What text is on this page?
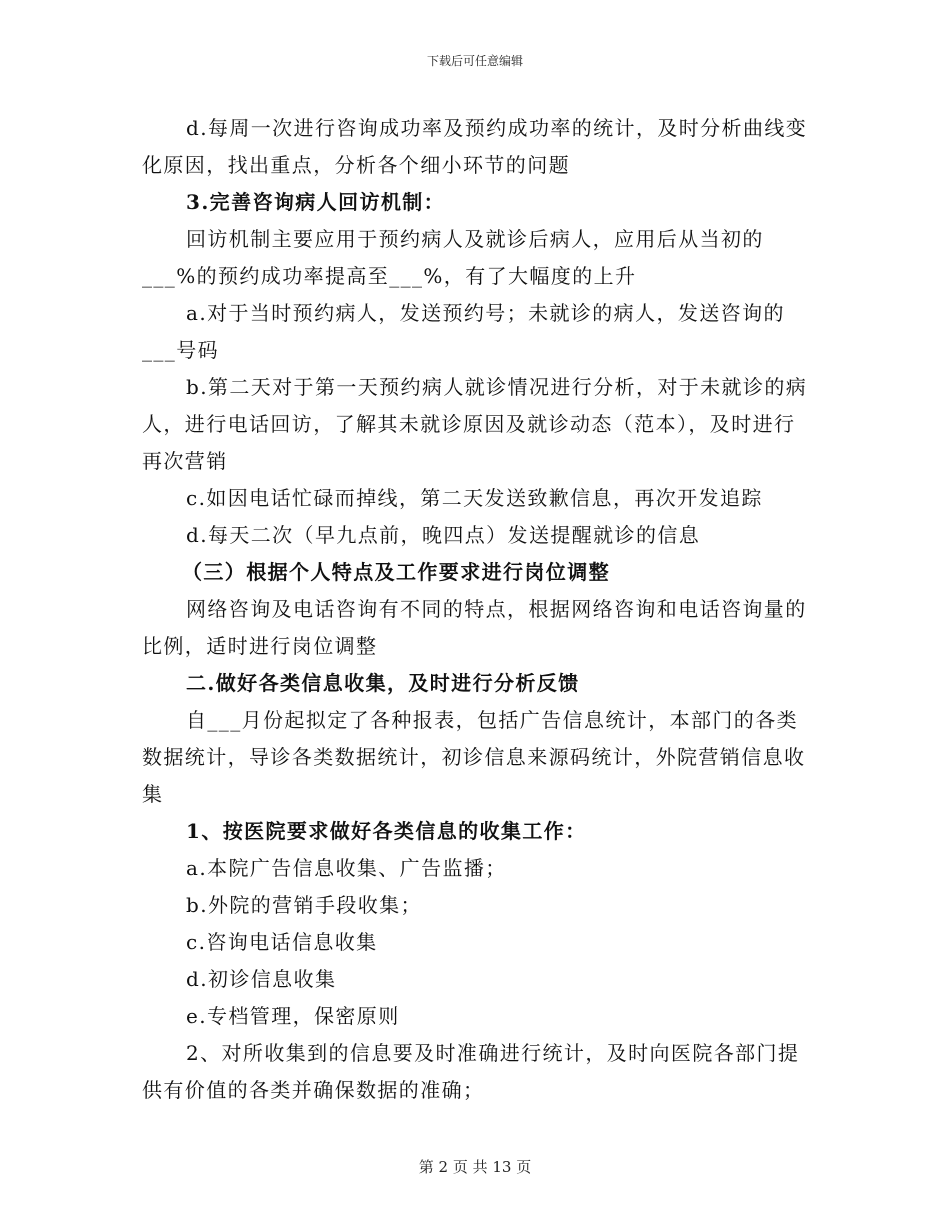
下载后可任意编辑

d.每周一次进行咨询成功率及预约成功率的统计，及时分析曲线变化原因，找出重点，分析各个细小环节的问题

3.完善咨询病人回访机制：

回访机制主要应用于预约病人及就诊后病人，应用后从当初的___%的预约成功率提高至___%，有了大幅度的上升

a.对于当时预约病人，发送预约号；未就诊的病人，发送咨询的___号码

b.第二天对于第一天预约病人就诊情况进行分析，对于未就诊的病人，进行电话回访，了解其未就诊原因及就诊动态（范本），及时进行再次营销

c.如因电话忙碌而掉线，第二天发送致歉信息，再次开发追踪

d.每天二次（早九点前，晚四点）发送提醒就诊的信息

（三）根据个人特点及工作要求进行岗位调整

网络咨询及电话咨询有不同的特点，根据网络咨询和电话咨询量的比例，适时进行岗位调整

二.做好各类信息收集，及时进行分析反馈

自___月份起拟定了各种报表，包括广告信息统计，本部门的各类数据统计，导诊各类数据统计，初诊信息来源码统计，外院营销信息收集

1、按医院要求做好各类信息的收集工作：

a.本院广告信息收集、广告监播；

b.外院的营销手段收集；

c.咨询电话信息收集

d.初诊信息收集

e.专档管理，保密原则

2、对所收集到的信息要及时准确进行统计，及时向医院各部门提供有价值的各类并确保数据的准确；

第 2 页 共 13 页
